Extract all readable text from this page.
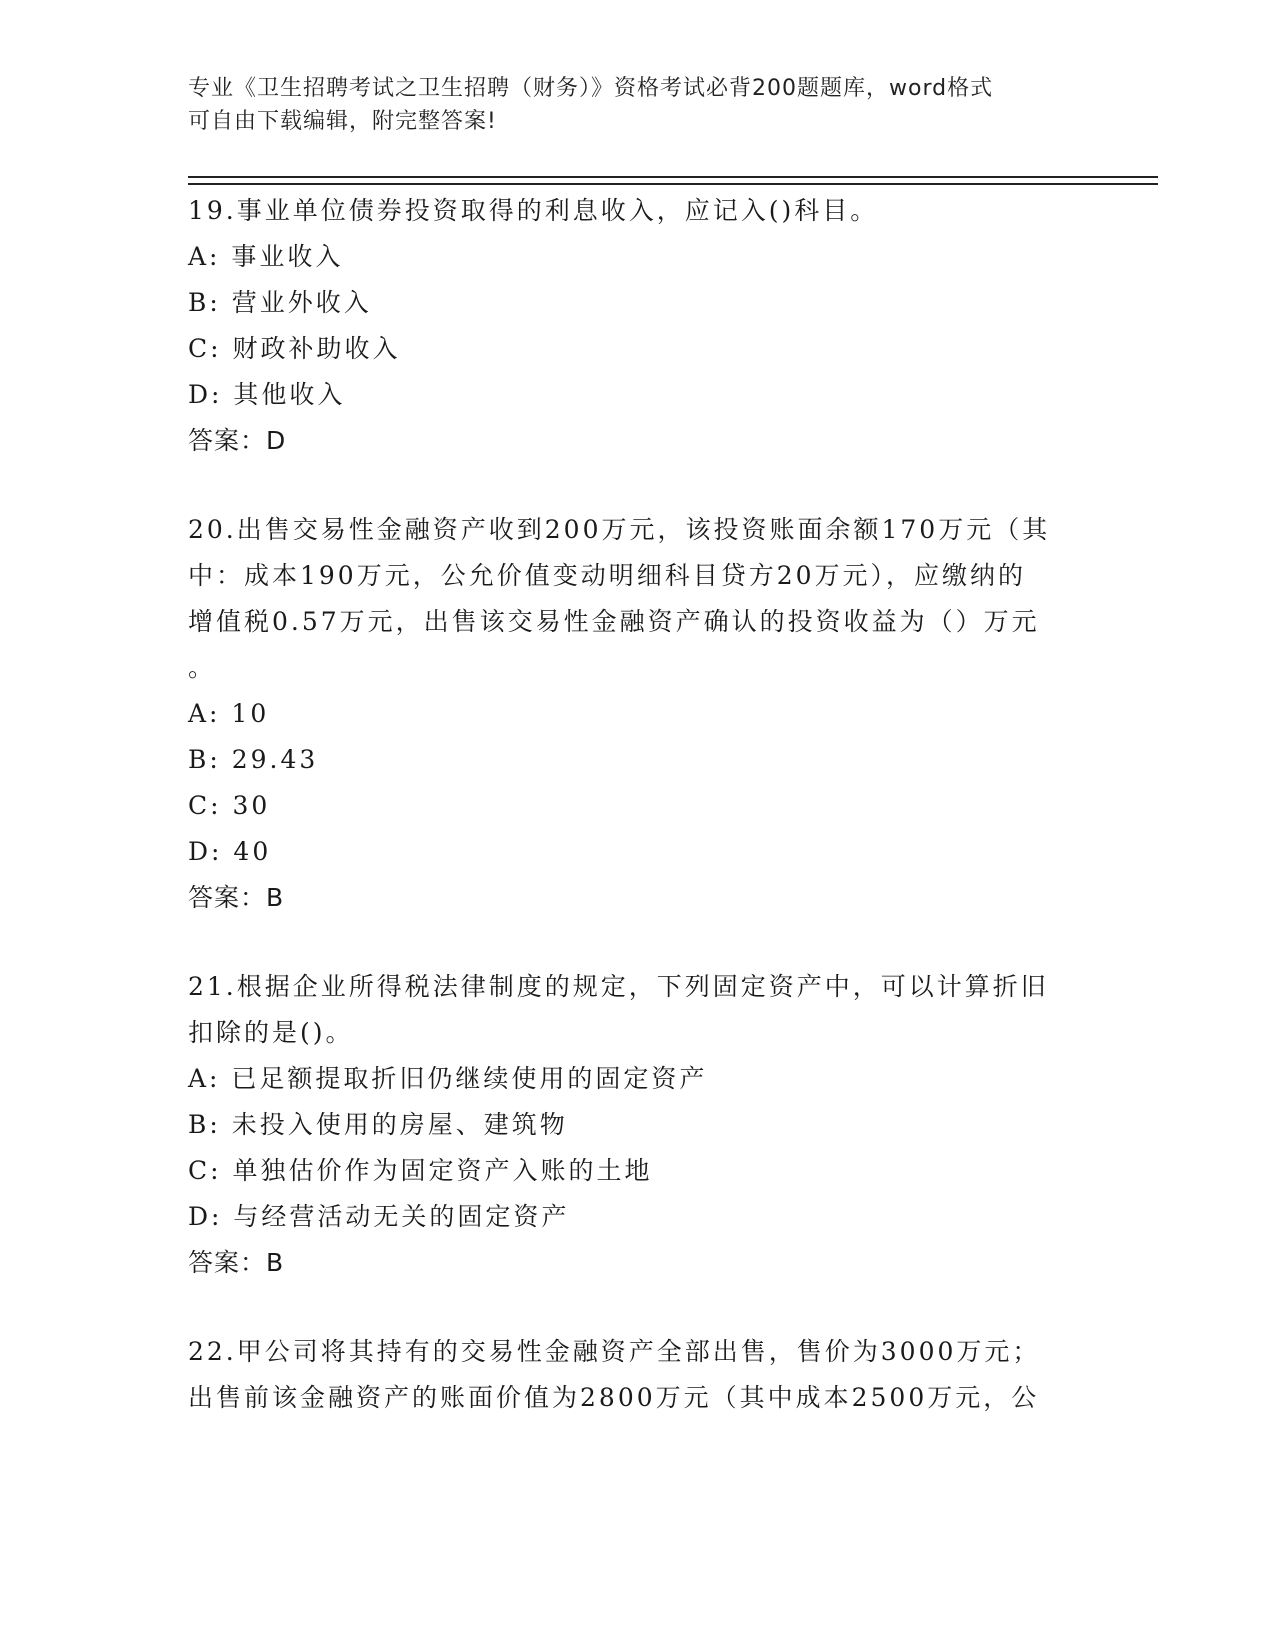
专业《卫生招聘考试之卫生招聘（财务）》资格考试必背200题题库，word格式
可自由下载编辑，附完整答案!
19.事业单位债券投资取得的利息收入，应记入()科目。
A: 事业收入
B: 营业外收入
C: 财政补助收入
D: 其他收入
答案：D
20.出售交易性金融资产收到200万元，该投资账面余额170万元（其
中：成本190万元，公允价值变动明细科目贷方20万元），应缴纳的
增值税0.57万元，出售该交易性金融资产确认的投资收益为（）万元
。
A: 10
B: 29.43
C: 30
D: 40
答案：B
21.根据企业所得税法律制度的规定，下列固定资产中，可以计算折旧
扣除的是()。
A: 已足额提取折旧仍继续使用的固定资产
B: 未投入使用的房屋、建筑物
C: 单独估价作为固定资产入账的土地
D: 与经营活动无关的固定资产
答案：B
22.甲公司将其持有的交易性金融资产全部出售，售价为3000万元；
出售前该金融资产的账面价值为2800万元（其中成本2500万元，公
